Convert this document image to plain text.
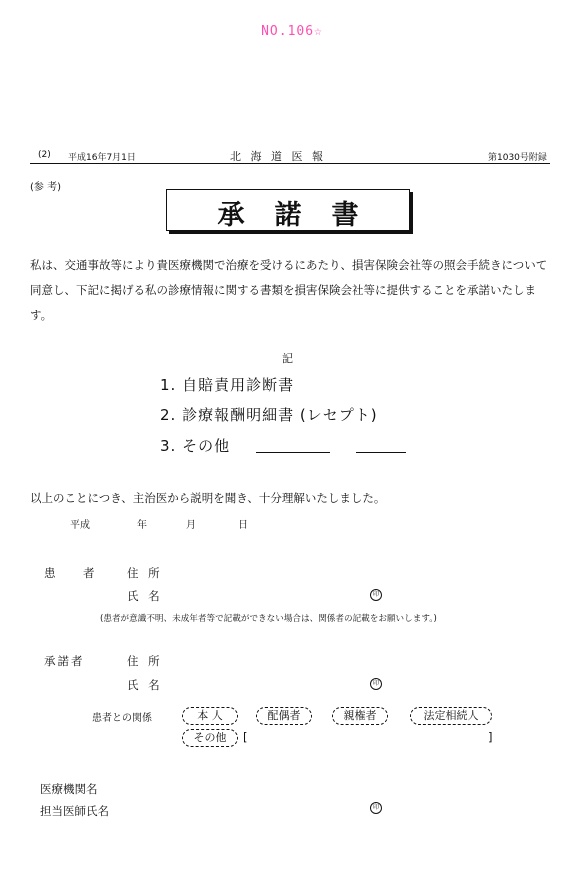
NO.106☆
(2) 平成16年7月1日	北 海 道 医 報	第1030号附録
(参 考)
承諾書
私は、交通事故等により貴医療機関で治療を受けるにあたり、損害保険会社等の照会手続きについて同意し、下記に掲げる私の診療情報に関する書類を損害保険会社等に提供することを承諾いたします。
記
1. 自賠責用診断書
2. 診療報酬明細書 (レセプト)
3. その他
以上のことにつき、主治医から説明を聞き、十分理解いたしました。
平成	年	月	日
患　者 住 所
氏 名	印
(患者が意識不明、未成年者等で記載ができない場合は、関係者の記載をお願いします。)
承諾者	住 所
氏 名	印
患者との関係	本 人	配偶者	親権者	法定相続人
その他	[	]
医療機関名
担当医師氏名	印
